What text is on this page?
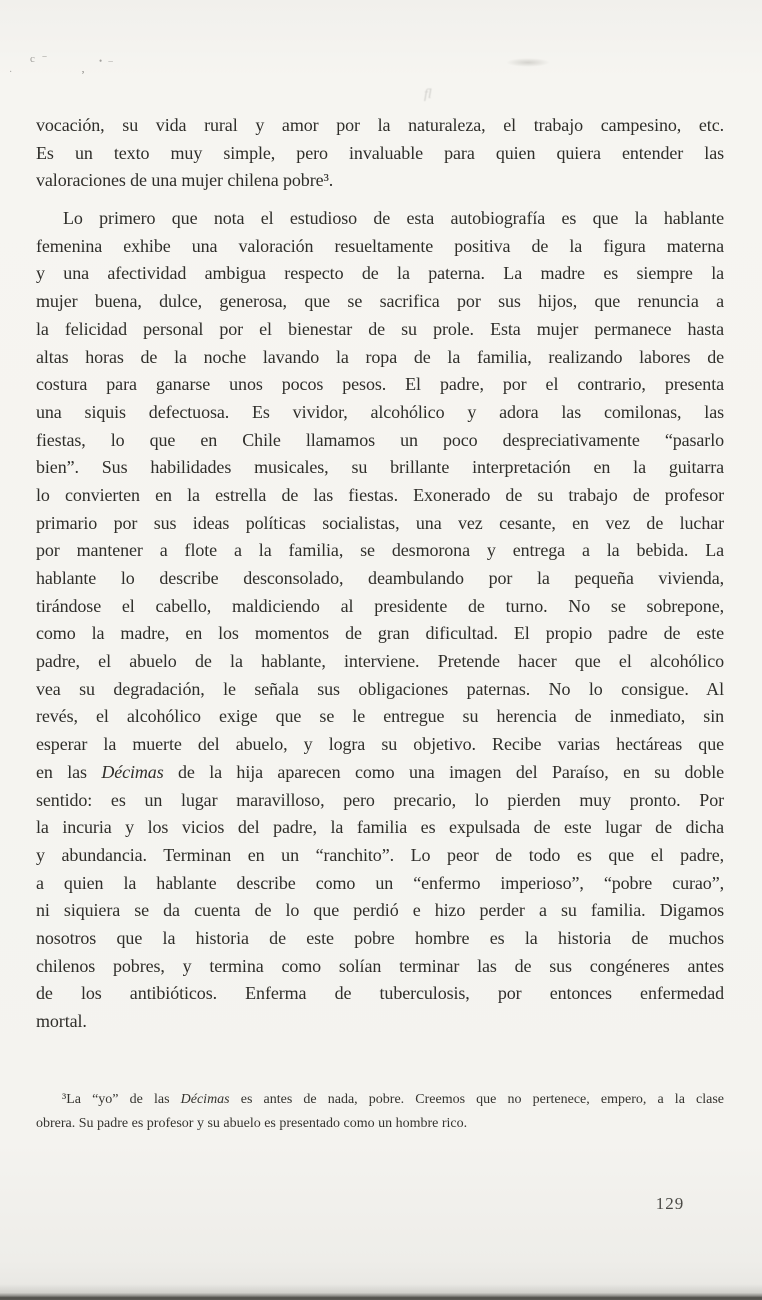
·
c ⁻
‚ • –
fl
vocación, su vida rural y amor por la naturaleza, el trabajo campesino, etc.
Es un texto muy simple, pero invaluable para quien quiera entender las
valoraciones de una mujer chilena pobre³.
Lo primero que nota el estudioso de esta autobiografía es que la hablante
femenina exhibe una valoración resueltamente positiva de la figura materna
y una afectividad ambigua respecto de la paterna. La madre es siempre la
mujer buena, dulce, generosa, que se sacrifica por sus hijos, que renuncia a
la felicidad personal por el bienestar de su prole. Esta mujer permanece hasta
altas horas de la noche lavando la ropa de la familia, realizando labores de
costura para ganarse unos pocos pesos. El padre, por el contrario, presenta
una siquis defectuosa. Es vividor, alcohólico y adora las comilonas, las
fiestas, lo que en Chile llamamos un poco despreciativamente “pasarlo
bien”. Sus habilidades musicales, su brillante interpretación en la guitarra
lo convierten en la estrella de las fiestas. Exonerado de su trabajo de profesor
primario por sus ideas políticas socialistas, una vez cesante, en vez de luchar
por mantener a flote a la familia, se desmorona y entrega a la bebida. La
hablante lo describe desconsolado, deambulando por la pequeña vivienda,
tirándose el cabello, maldiciendo al presidente de turno. No se sobrepone,
como la madre, en los momentos de gran dificultad. El propio padre de este
padre, el abuelo de la hablante, interviene. Pretende hacer que el alcohólico
vea su degradación, le señala sus obligaciones paternas. No lo consigue. Al
revés, el alcohólico exige que se le entregue su herencia de inmediato, sin
esperar la muerte del abuelo, y logra su objetivo. Recibe varias hectáreas que
en las Décimas de la hija aparecen como una imagen del Paraíso, en su doble
sentido: es un lugar maravilloso, pero precario, lo pierden muy pronto. Por
la incuria y los vicios del padre, la familia es expulsada de este lugar de dicha
y abundancia. Terminan en un “ranchito”. Lo peor de todo es que el padre,
a quien la hablante describe como un “enfermo imperioso”, “pobre curao”,
ni siquiera se da cuenta de lo que perdió e hizo perder a su familia. Digamos
nosotros que la historia de este pobre hombre es la historia de muchos
chilenos pobres, y termina como solían terminar las de sus congéneres antes
de los antibióticos. Enferma de tuberculosis, por entonces enfermedad
mortal.
³La “yo” de las Décimas es antes de nada, pobre. Creemos que no pertenece, empero, a la clase
obrera. Su padre es profesor y su abuelo es presentado como un hombre rico.
129
